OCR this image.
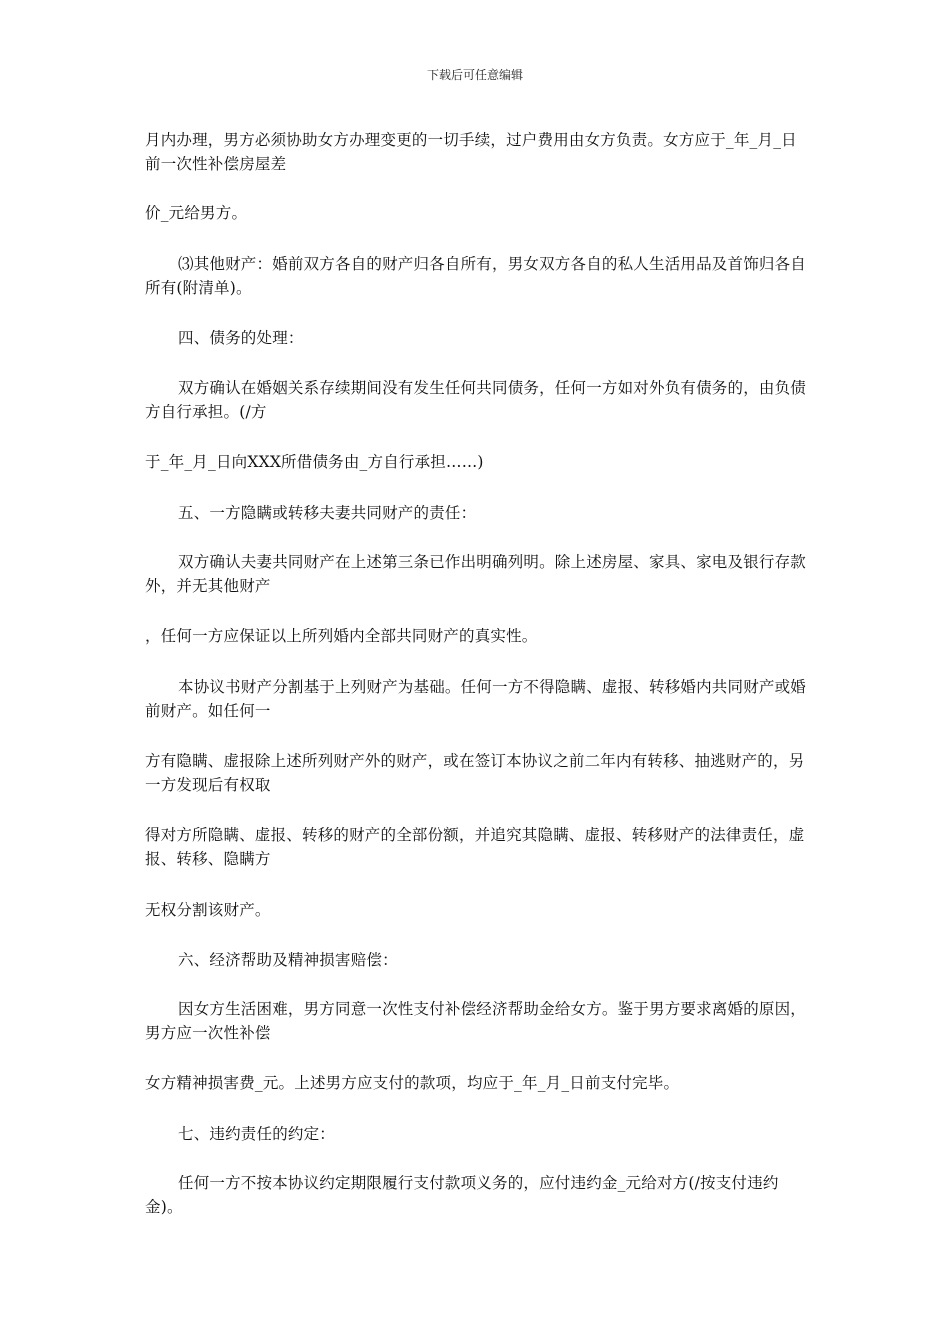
下载后可任意编辑

月内办理，男方必须协助女方办理变更的一切手续，过户费用由女方负责。女方应于_年_月_日前一次性补偿房屋差

价_元给男方。

⑶其他财产：婚前双方各自的财产归各自所有，男女双方各自的私人生活用品及首饰归各自所有(附清单)。

四、债务的处理：

双方确认在婚姻关系存续期间没有发生任何共同债务，任何一方如对外负有债务的，由负债方自行承担。(/方

于_年_月_日向XXX所借债务由_方自行承担……)

五、一方隐瞒或转移夫妻共同财产的责任：

双方确认夫妻共同财产在上述第三条已作出明确列明。除上述房屋、家具、家电及银行存款外，并无其他财产

，任何一方应保证以上所列婚内全部共同财产的真实性。

本协议书财产分割基于上列财产为基础。任何一方不得隐瞒、虚报、转移婚内共同财产或婚前财产。如任何一

方有隐瞒、虚报除上述所列财产外的财产，或在签订本协议之前二年内有转移、抽逃财产的，另一方发现后有权取

得对方所隐瞒、虚报、转移的财产的全部份额，并追究其隐瞒、虚报、转移财产的法律责任，虚报、转移、隐瞒方

无权分割该财产。

六、经济帮助及精神损害赔偿：

因女方生活困难，男方同意一次性支付补偿经济帮助金给女方。鉴于男方要求离婚的原因，男方应一次性补偿

女方精神损害费_元。上述男方应支付的款项，均应于_年_月_日前支付完毕。

七、违约责任的约定：

任何一方不按本协议约定期限履行支付款项义务的，应付违约金_元给对方(/按支付违约金)。
